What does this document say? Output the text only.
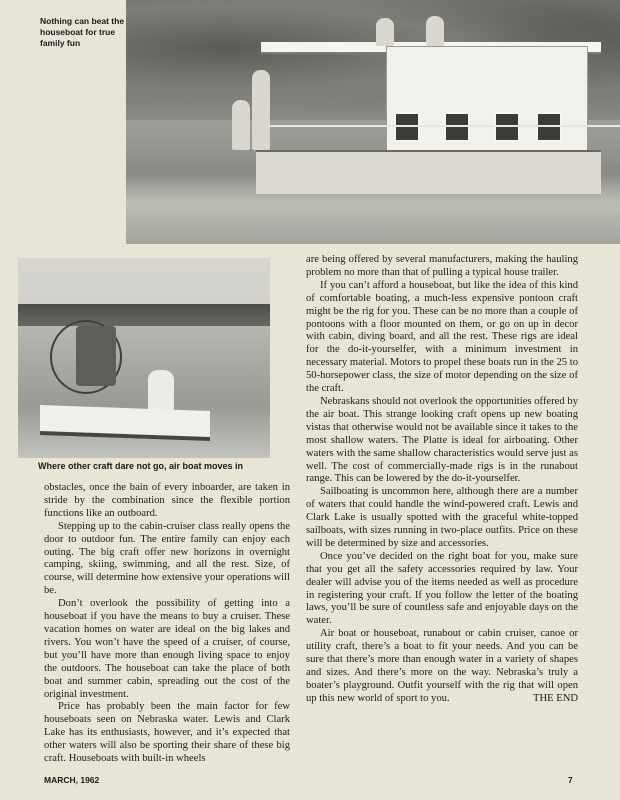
Nothing can beat the houseboat for true family fun
Where other craft dare not go, air boat moves in

are being offered by several manufacturers, making the hauling problem no more than that of pulling a typical house trailer.

If you can’t afford a houseboat, but like the idea of this kind of comfortable boating, a much-less expensive pontoon craft might be the rig for you. These can be no more than a couple of pontoons with a floor mounted on them, or go on up in decor with cabin, diving board, and all the rest. These rigs are ideal for the do-it-yourselfer, with a minimum investment in necessary material. Motors to propel these boats run in the 25 to 50-horsepower class, the size of motor depending on the size of the craft.

Nebraskans should not overlook the opportunities offered by the air boat. This strange looking craft opens up new boating vistas that otherwise would not be available since it takes to the most shallow waters. The Platte is ideal for airboating. Other waters with the same shallow characteristics would serve just as well. The cost of commercially-made rigs is in the runabout range. This can be lowered by the do-it-yourselfer.

Sailboating is uncommon here, although there are a number of waters that could handle the wind-powered craft. Lewis and Clark Lake is usually spotted with the graceful white-topped sailboats, with sizes running in two-place outfits. Price on these will be determined by size and accessories.

Once you’ve decided on the right boat for you, make sure that you get all the safety accessories required by law. Your dealer will advise you of the items needed as well as procedure in registering your craft. If you follow the letter of the boating laws, you’ll be sure of countless safe and enjoyable days on the water.

Air boat or houseboat, runabout or cabin cruiser, canoe or utility craft, there’s a boat to fit your needs. And you can be sure that there’s more than enough water in a variety of shapes and sizes. And there’s more on the way. Nebraska’s truly a boater’s playground. Outfit yourself with the rig that will open up this new world of sport to you.	THE END

obstacles, once the bain of every inboarder, are taken in stride by the combination since the flexible portion functions like an outboard.

Stepping up to the cabin-cruiser class really opens the door to outdoor fun. The entire family can enjoy each outing. The big craft offer new horizons in overnight camping, skiing, swimming, and all the rest. Size, of course, will determine how extensive your operations will be.

Don’t overlook the possibility of getting into a houseboat if you have the means to buy a cruiser. These vacation homes on water are ideal on the big lakes and rivers. You won’t have the speed of a cruiser, of course, but you’ll have more than enough living space to enjoy the outdoors. The houseboat can take the place of both boat and summer cabin, spreading out the cost of the original investment.

Price has probably been the main factor for few houseboats seen on Nebraska water. Lewis and Clark Lake has its enthusiasts, however, and it’s expected that other waters will also be sporting their share of these big craft. Houseboats with built-in wheels

MARCH, 1962	7
